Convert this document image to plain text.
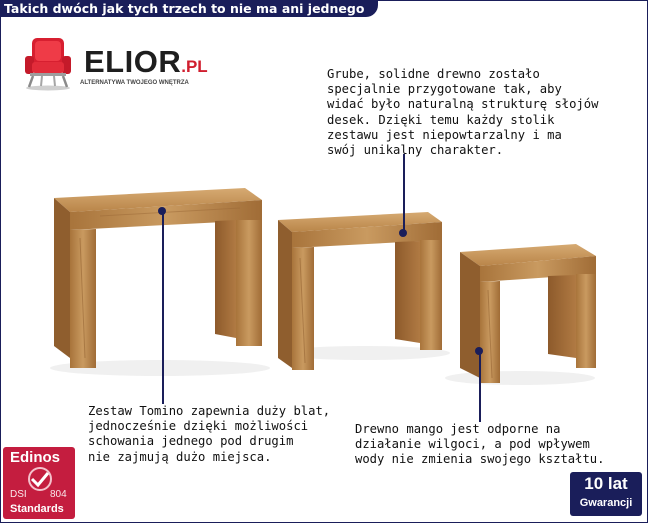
Takich dwóch jak tych trzech to nie ma ani jednego
ELIOR.PL
ALTERNATYWA TWOJEGO WNĘTRZA
Grube, solidne drewno zostało
specjalnie przygotowane tak, aby
widać było naturalną strukturę słojów
desek. Dzięki temu każdy stolik
zestawu jest niepowtarzalny i ma
swój unikalny charakter.
Zestaw Tomino zapewnia duży blat,
jednocześnie dzięki możliwości
schowania jednego pod drugim
nie zajmują dużo miejsca.
Drewno mango jest odporne na
działanie wilgoci, a pod wpływem
wody nie zmienia swojego kształtu.
Edinos
DSI 804
Standards
10 lat
Gwarancji
